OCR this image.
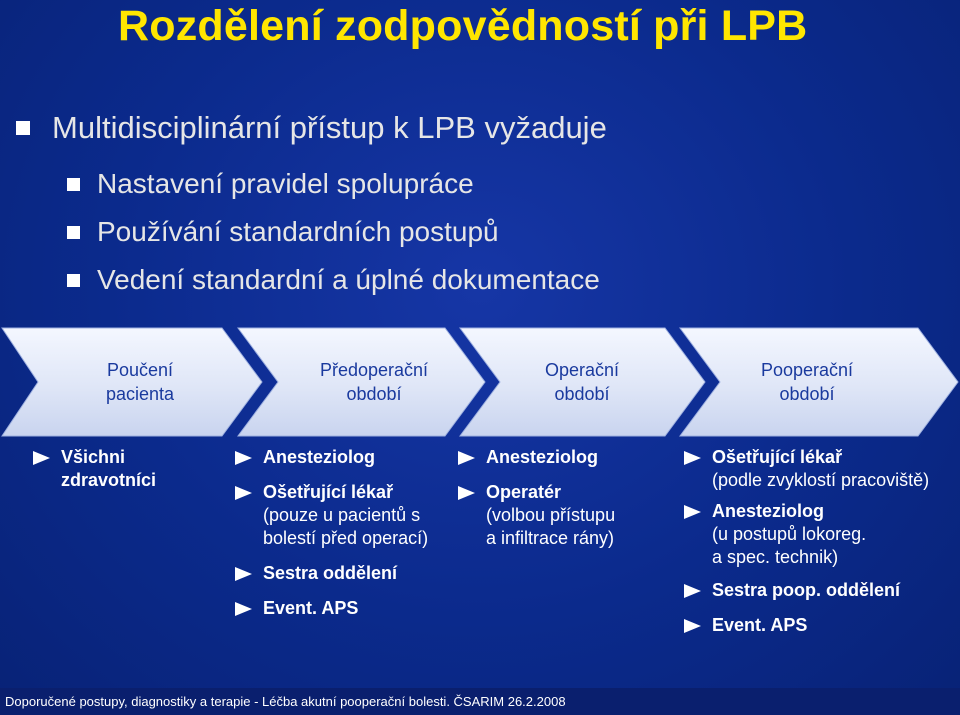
Rozdělení zodpovědností při LPB
Multidisciplinární přístup k LPB vyžaduje
Nastavení pravidel spolupráce
Používání standardních postupů
Vedení standardní a úplné dokumentace
Poučení
pacienta
Předoperační
období
Operační
období
Pooperační
období
Všichni
zdravotníci
Anesteziolog
Ošetřující lékař
(pouze u pacientů s
bolestí před operací)
Sestra oddělení
Event. APS
Anesteziolog
Operatér
(volbou přístupu
a infiltrace rány)
Ošetřující lékař
(podle zvyklostí pracoviště)
Anesteziolog
(u postupů lokoreg.
a spec. technik)
Sestra poop. oddělení
Event. APS
Doporučené postupy, diagnostiky a terapie - Léčba akutní pooperační bolesti. ČSARIM 26.2.2008
